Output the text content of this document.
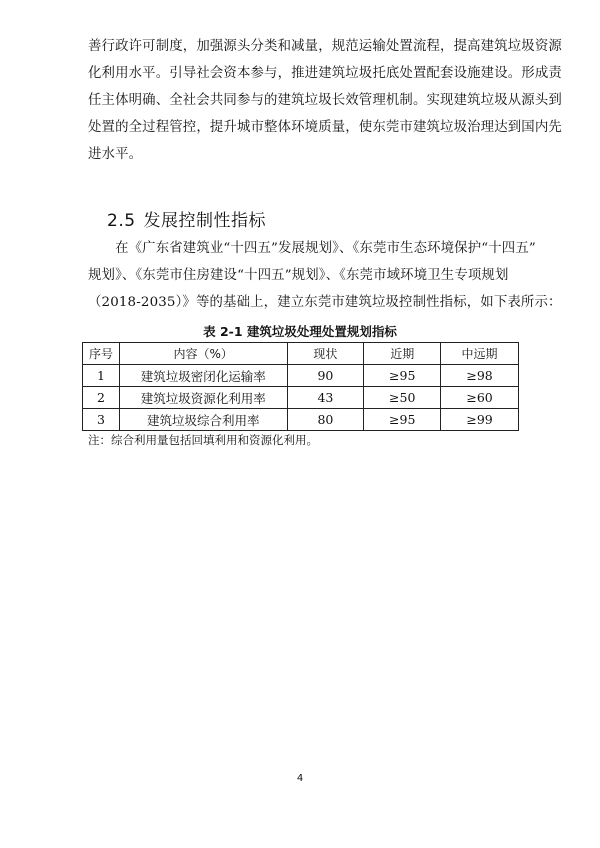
善行政许可制度，加强源头分类和减量，规范运输处置流程，提高建筑垃圾资源
化利用水平。引导社会资本参与，推进建筑垃圾托底处置配套设施建设。形成责
任主体明确、全社会共同参与的建筑垃圾长效管理机制。实现建筑垃圾从源头到
处置的全过程管控，提升城市整体环境质量，使东莞市建筑垃圾治理达到国内先
进水平。
2.5 发展控制性指标
　　在《广东省建筑业“十四五”发展规划》、《东莞市生态环境保护“十四五”
规划》、《东莞市住房建设“十四五”规划》、《东莞市域环境卫生专项规划
（2018-2035）》等的基础上，建立东莞市建筑垃圾控制性指标，如下表所示：
表 2-1 建筑垃圾处理处置规划指标
序号	内容（%）	现状	近期	中远期
1	建筑垃圾密闭化运输率	90	≥95	≥98
2	建筑垃圾资源化利用率	43	≥50	≥60
3	建筑垃圾综合利用率	80	≥95	≥99
注：综合利用量包括回填利用和资源化利用。
4
